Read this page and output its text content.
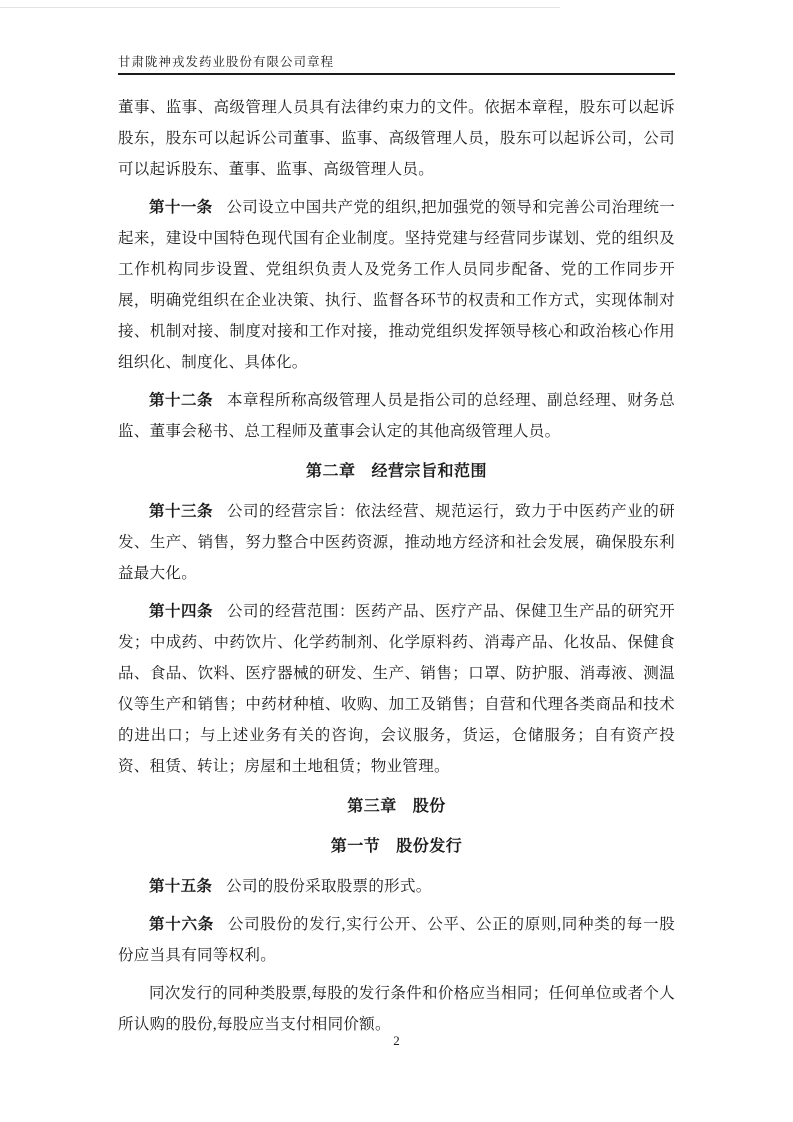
甘肃陇神戎发药业股份有限公司章程

董事、监事、高级管理人员具有法律约束力的文件。依据本章程，股东可以起诉股东，股东可以起诉公司董事、监事、高级管理人员，股东可以起诉公司，公司可以起诉股东、董事、监事、高级管理人员。

第十一条 公司设立中国共产党的组织,把加强党的领导和完善公司治理统一起来，建设中国特色现代国有企业制度。坚持党建与经营同步谋划、党的组织及工作机构同步设置、党组织负责人及党务工作人员同步配备、党的工作同步开展，明确党组织在企业决策、执行、监督各环节的权责和工作方式，实现体制对接、机制对接、制度对接和工作对接，推动党组织发挥领导核心和政治核心作用组织化、制度化、具体化。

第十二条 本章程所称高级管理人员是指公司的总经理、副总经理、财务总监、董事会秘书、总工程师及董事会认定的其他高级管理人员。

第二章 经营宗旨和范围

第十三条 公司的经营宗旨：依法经营、规范运行，致力于中医药产业的研发、生产、销售，努力整合中医药资源，推动地方经济和社会发展，确保股东利益最大化。

第十四条 公司的经营范围：医药产品、医疗产品、保健卫生产品的研究开发；中成药、中药饮片、化学药制剂、化学原料药、消毒产品、化妆品、保健食品、食品、饮料、医疗器械的研发、生产、销售；口罩、防护服、消毒液、测温仪等生产和销售；中药材种植、收购、加工及销售；自营和代理各类商品和技术的进出口；与上述业务有关的咨询，会议服务，货运，仓储服务；自有资产投资、租赁、转让；房屋和土地租赁；物业管理。

第三章 股份
第一节 股份发行

第十五条 公司的股份采取股票的形式。

第十六条 公司股份的发行,实行公开、公平、公正的原则,同种类的每一股份应当具有同等权利。

同次发行的同种类股票,每股的发行条件和价格应当相同；任何单位或者个人所认购的股份,每股应当支付相同价额。

2
